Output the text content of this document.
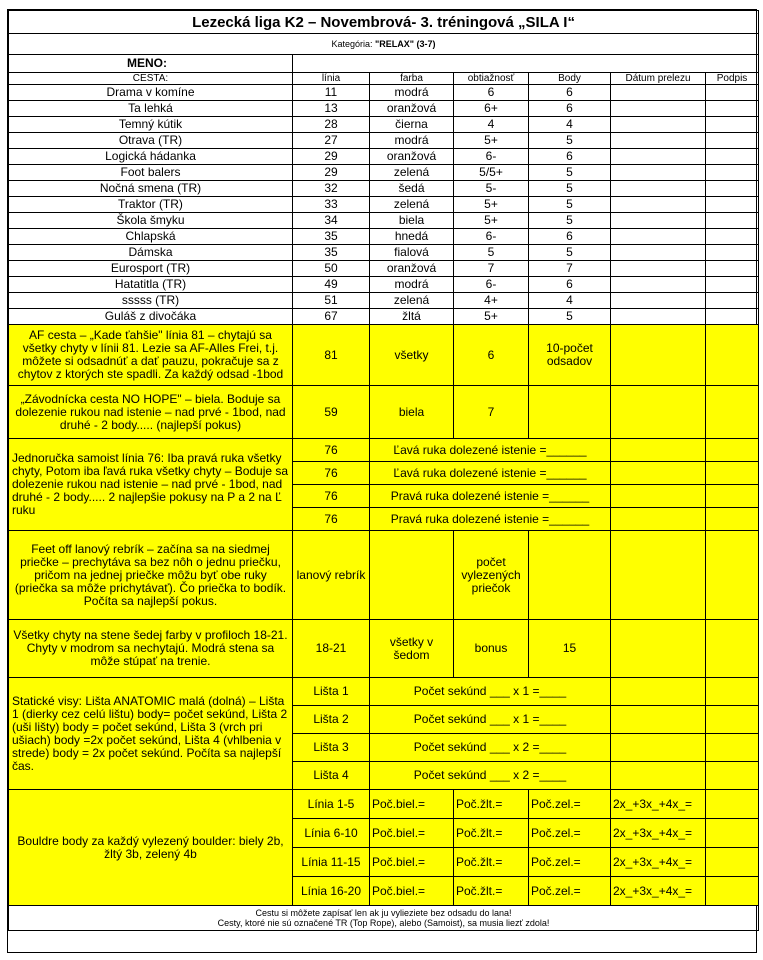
Lezecká liga K2 – Novembrová- 3. tréningová „SILA I“						
Kategória: "RELAX" (3-7)						
MENO:						
CESTA:	línia	farba	obtiažnosť	Body	Dátum prelezu	Podpis
Drama v komíne	11	modrá	6	6		
Ta lehká	13	oranžová	6+	6		
Temný kútik	28	čierna	4	4		
Otrava (TR)	27	modrá	5+	5		
Logická hádanka	29	oranžová	6-	6		
Foot balers	29	zelená	5/5+	5		
Nočná smena (TR)	32	šedá	5-	5		
Traktor (TR)	33	zelená	5+	5		
Škola šmyku	34	biela	5+	5		
Chlapská	35	hnedá	6-	6		
Dámska	35	fialová	5	5		
Eurosport (TR)	50	oranžová	7	7		
Hatatitla (TR)	49	modrá	6-	6		
sssss (TR)	51	zelená	4+	4		
Guláš z divočáka	67	žltá	5+	5		
AF cesta – „Kade ťahšie" línia 81 – chytajú sa všetky chyty v línii 81. Lezie sa AF-Alles Frei, t.j. môžete si odsadnúť a dať pauzu, pokračuje sa z chytov z ktorých ste spadli. Za každý odsad -1bod	81	všetky	6	10-počet odsadov		
„Závodnícka cesta NO HOPE" – biela. Boduje sa dolezenie rukou nad istenie – nad prvé - 1bod, nad druhé - 2 body..... (najlepší pokus)	59	biela	7			
Jednoručka samoist línia 76: Iba pravá ruka všetky chyty, Potom iba ľavá ruka všetky chyty – Boduje sa dolezenie rukou nad istenie – nad prvé - 1bod, nad druhé - 2 body..... 2 najlepšie pokusy na P a 2 na Ľ ruku	76	Ľavá ruka dolezené istenie =______				
	76	Ľavá ruka dolezené istenie =______				
	76	Pravá ruka dolezené istenie =______				
	76	Pravá ruka dolezené istenie =______				
Feet off lanový rebrík – začína sa na siedmej priečke – prechytáva sa bez nôh o jednu priečku, pričom na jednej priečke môžu byť obe ruky (priečka sa môže prichytávať). Čo priečka to bodík. Počíta sa najlepší pokus.	lanový rebrík		počet vylezených priečok			
Všetky chyty na stene šedej farby v profiloch 18-21. Chyty v modrom sa nechytajú. Modrá stena sa môže stúpať na trenie.	18-21	všetky v šedom	bonus	15		
Statické visy: Lišta ANATOMIC malá (dolná) – Lišta 1 (dierky cez celú lištu) body= počet sekúnd, Lišta 2 (uši lišty) body = počet sekúnd, Lišta 3 (vrch pri ušiach) body =2x počet sekúnd, Lišta 4 (vhlbenia v strede) body = 2x počet sekúnd. Počíta sa najlepší čas.	Lišta 1	Počet sekúnd ___ x 1 =____				
	Lišta 2	Počet sekúnd ___ x 1 =____				
	Lišta 3	Počet sekúnd ___ x 2 =____				
	Lišta 4	Počet sekúnd ___ x 2 =____				
Bouldre body za každý vylezený boulder: biely 2b, žltý 3b, zelený 4b	Línia 1-5	Poč.biel.=	Poč.žlt.=	Poč.zel.=	2x_+3x_+4x_=	
	Línia 6-10	Poč.biel.=	Poč.žlt.=	Poč.zel.=	2x_+3x_+4x_=	
	Línia 11-15	Poč.biel.=	Poč.žlt.=	Poč.zel.=	2x_+3x_+4x_=	
	Línia 16-20	Poč.biel.=	Poč.žlt.=	Poč.zel.=	2x_+3x_+4x_=	

Cestu si môžete zapísať len ak ju vylieziete bez odsadu do lana!
Cesty, ktoré nie sú označené TR (Top Rope), alebo (Samoist), sa musia liezť zdola!						
